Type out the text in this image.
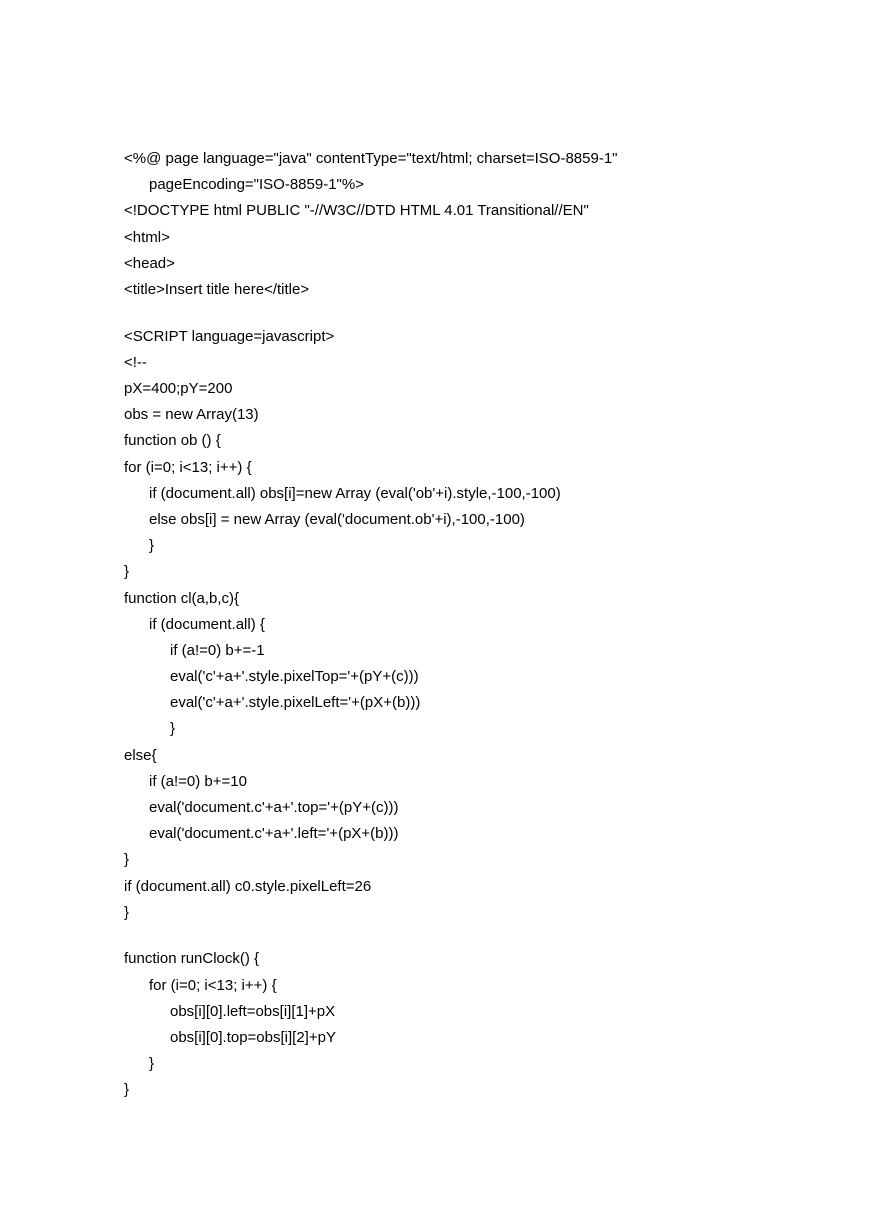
<%@ page language="java" contentType="text/html; charset=ISO-8859-1"
pageEncoding="ISO-8859-1"%>
<!DOCTYPE html PUBLIC "-//W3C//DTD HTML 4.01 Transitional//EN"
<html>
<head>
<title>Insert title here</title>
<SCRIPT language=javascript>
<!--
pX=400;pY=200
obs = new Array(13)
function ob () {
for (i=0; i<13; i++) {
if (document.all) obs[i]=new Array (eval('ob'+i).style,-100,-100)
else obs[i] = new Array (eval('document.ob'+i),-100,-100)
}
}
function cl(a,b,c){
if (document.all) {
if (a!=0) b+=-1
eval('c'+a+'.style.pixelTop='+(pY+(c)))
eval('c'+a+'.style.pixelLeft='+(pX+(b)))
}
else{
if (a!=0) b+=10
eval('document.c'+a+'.top='+(pY+(c)))
eval('document.c'+a+'.left='+(pX+(b)))
}
if (document.all) c0.style.pixelLeft=26
}
function runClock() {
for (i=0; i<13; i++) {
obs[i][0].left=obs[i][1]+pX
obs[i][0].top=obs[i][2]+pY
}
}
